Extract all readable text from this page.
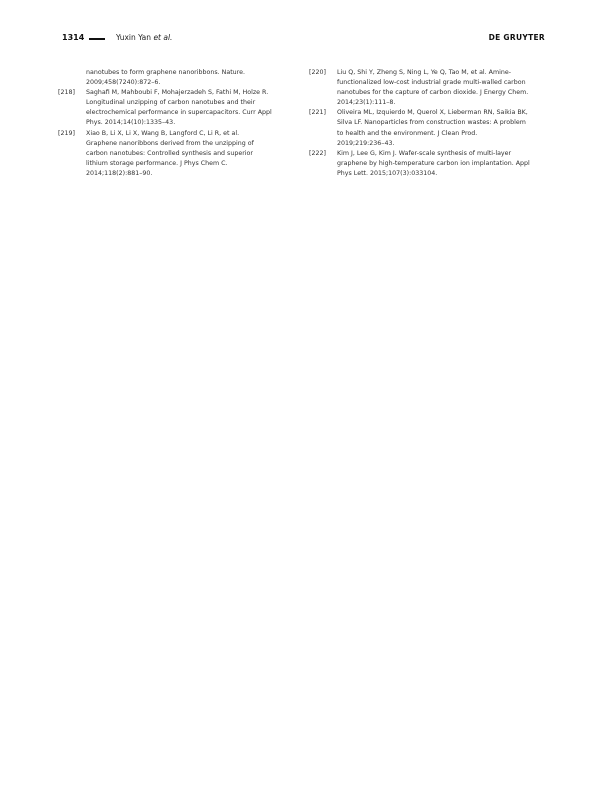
1314	Yuxin Yan et al.	DE GRUYTER
nanotubes to form graphene nanoribbons. Nature.
2009;458(7240):872–6.
[218] Saghafi M, Mahboubi F, Mohajerzadeh S, Fathi M, Holze R.
Longitudinal unzipping of carbon nanotubes and their
electrochemical performance in supercapacitors. Curr Appl
Phys. 2014;14(10):1335–43.
[219] Xiao B, Li X, Li X, Wang B, Langford C, Li R, et al.
Graphene nanoribbons derived from the unzipping of
carbon nanotubes: Controlled synthesis and superior
lithium storage performance. J Phys Chem C.
2014;118(2):881–90.
[220] Liu Q, Shi Y, Zheng S, Ning L, Ye Q, Tao M, et al. Amine-
functionalized low-cost industrial grade multi-walled carbon
nanotubes for the capture of carbon dioxide. J Energy Chem.
2014;23(1):111–8.
[221] Oliveira ML, Izquierdo M, Querol X, Lieberman RN, Saikia BK,
Silva LF. Nanoparticles from construction wastes: A problem
to health and the environment. J Clean Prod.
2019;219:236–43.
[222] Kim J, Lee G, Kim J. Wafer-scale synthesis of multi-layer
graphene by high-temperature carbon ion implantation. Appl
Phys Lett. 2015;107(3):033104.
